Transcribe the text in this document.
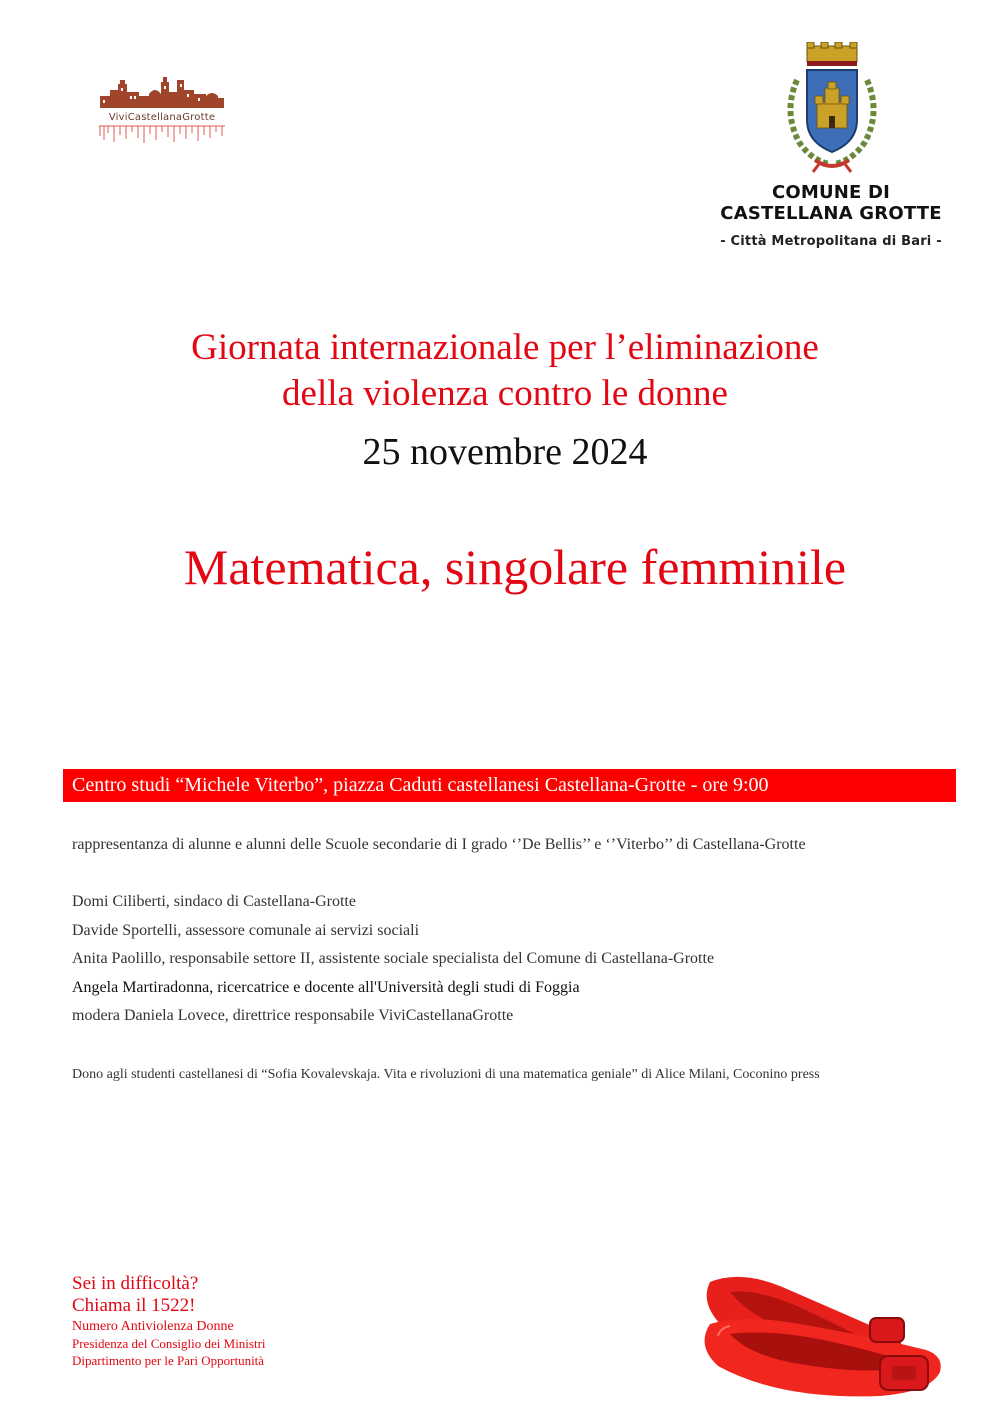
ViviCastellanaGrotte
COMUNE DI
CASTELLANA GROTTE
- Città Metropolitana di Bari -
Giornata internazionale per l’eliminazione
della violenza contro le donne
25 novembre 2024
Matematica, singolare femminile
Centro studi “Michele Viterbo”, piazza Caduti castellanesi Castellana-Grotte - ore 9:00
rappresentanza di alunne e alunni delle Scuole secondarie di I grado ‘’De Bellis’’ e ‘’Viterbo’’ di Castellana-Grotte
Domi Ciliberti, sindaco di Castellana-Grotte
Davide Sportelli, assessore comunale ai servizi sociali
Anita Paolillo, responsabile settore II, assistente sociale specialista del Comune di Castellana-Grotte
Angela Martiradonna, ricercatrice e docente all'Università degli studi di Foggia
modera Daniela Lovece, direttrice responsabile ViviCastellanaGrotte
Dono agli studenti castellanesi di “Sofia Kovalevskaja. Vita e rivoluzioni di una matematica geniale” di Alice Milani, Coconino press
Sei in difficoltà?
Chiama il 1522!
Numero Antiviolenza Donne
Presidenza del Consiglio dei Ministri
Dipartimento per le Pari Opportunità
